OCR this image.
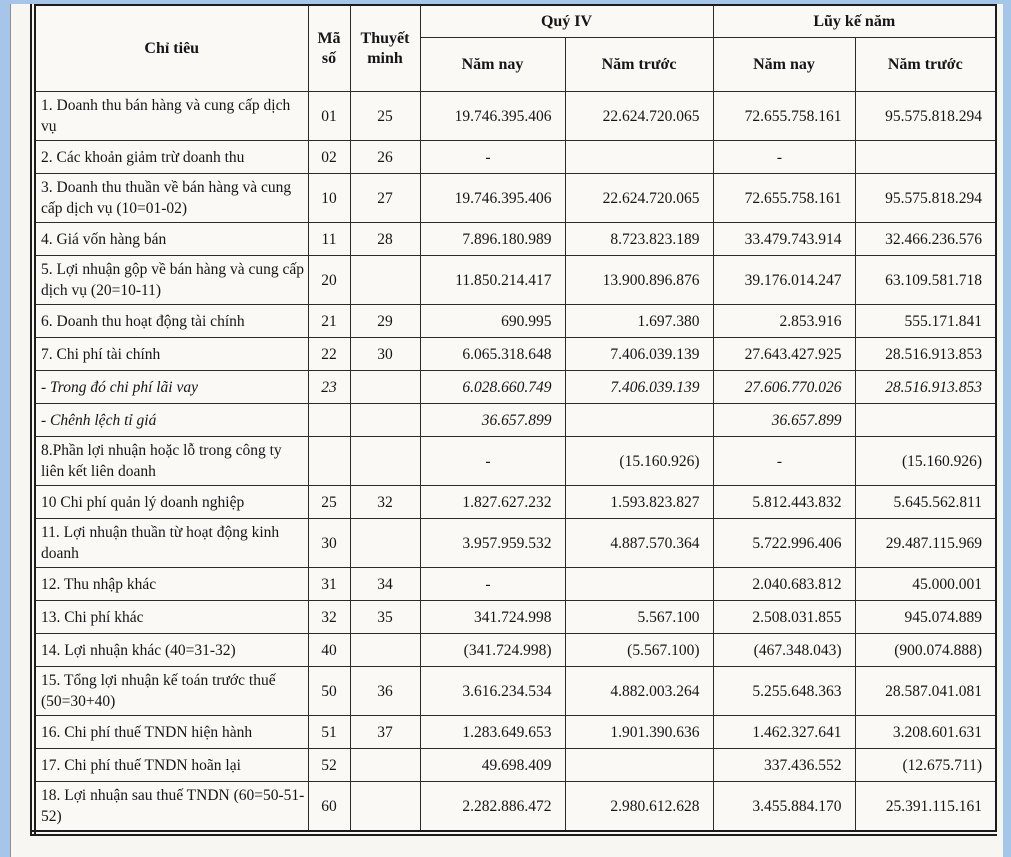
Chỉ tiêu	Mã số	Thuyết minh	Quý IV		Lũy kế năm	
			Năm nay	Năm trước	Năm nay	Năm trước
1. Doanh thu bán hàng và cung cấp dịch vụ	01	25	19.746.395.406	22.624.720.065	72.655.758.161	95.575.818.294
2. Các khoản giảm trừ doanh thu	02	26	-		-	
3. Doanh thu thuần về bán hàng và cung cấp dịch vụ (10=01-02)	10	27	19.746.395.406	22.624.720.065	72.655.758.161	95.575.818.294
4. Giá vốn hàng bán	11	28	7.896.180.989	8.723.823.189	33.479.743.914	32.466.236.576
5. Lợi nhuận gộp về bán hàng và cung cấp dịch vụ (20=10-11)	20		11.850.214.417	13.900.896.876	39.176.014.247	63.109.581.718
6. Doanh thu hoạt động tài chính	21	29	690.995	1.697.380	2.853.916	555.171.841
7. Chi phí tài chính	22	30	6.065.318.648	7.406.039.139	27.643.427.925	28.516.913.853
- Trong đó chi phí lãi vay	23		6.028.660.749	7.406.039.139	27.606.770.026	28.516.913.853
- Chênh lệch tỉ giá			36.657.899		36.657.899	
8.Phần lợi nhuận hoặc lỗ trong công ty liên kết liên doanh			-	(15.160.926)	-	(15.160.926)
10 Chi phí quản lý doanh nghiệp	25	32	1.827.627.232	1.593.823.827	5.812.443.832	5.645.562.811
11. Lợi nhuận thuần từ hoạt động kinh doanh	30		3.957.959.532	4.887.570.364	5.722.996.406	29.487.115.969
12. Thu nhập khác	31	34	-		2.040.683.812	45.000.001
13. Chi phí khác	32	35	341.724.998	5.567.100	2.508.031.855	945.074.889
14. Lợi nhuận khác (40=31-32)	40		(341.724.998)	(5.567.100)	(467.348.043)	(900.074.888)
15. Tổng lợi nhuận kế toán trước thuế (50=30+40)	50	36	3.616.234.534	4.882.003.264	5.255.648.363	28.587.041.081
16. Chi phí thuế TNDN hiện hành	51	37	1.283.649.653	1.901.390.636	1.462.327.641	3.208.601.631
17. Chi phí thuế TNDN hoãn lại	52		49.698.409		337.436.552	(12.675.711)
18. Lợi nhuận sau thuế TNDN (60=50-51-52)	60		2.282.886.472	2.980.612.628	3.455.884.170	25.391.115.161
